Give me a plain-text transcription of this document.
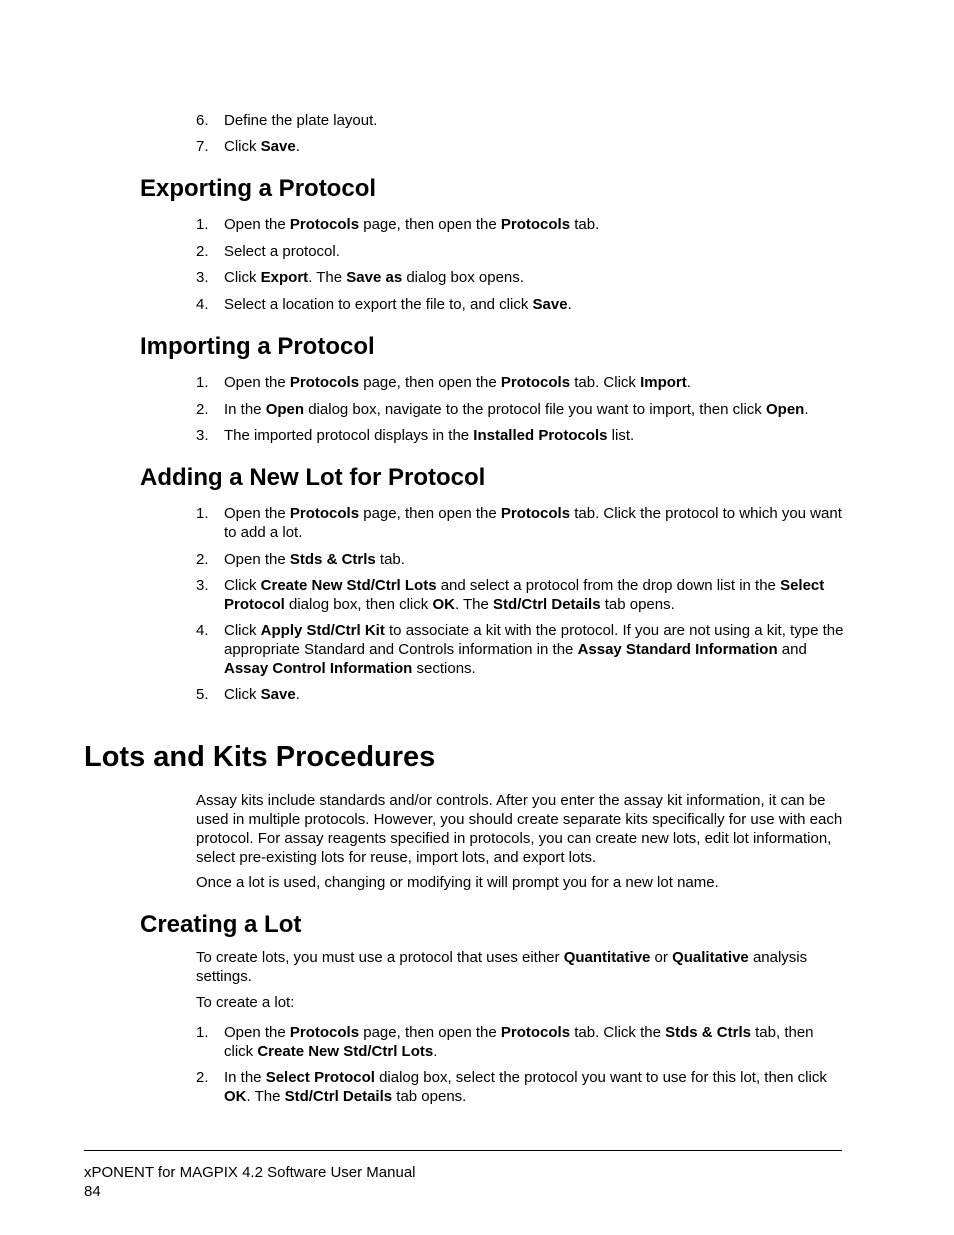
6. Define the plate layout.
7. Click Save.
Exporting a Protocol
1. Open the Protocols page, then open the Protocols tab.
2. Select a protocol.
3. Click Export. The Save as dialog box opens.
4. Select a location to export the file to, and click Save.
Importing a Protocol
1. Open the Protocols page, then open the Protocols tab. Click Import.
2. In the Open dialog box, navigate to the protocol file you want to import, then click Open.
3. The imported protocol displays in the Installed Protocols list.
Adding a New Lot for Protocol
1. Open the Protocols page, then open the Protocols tab. Click the protocol to which you want to add a lot.
2. Open the Stds & Ctrls tab.
3. Click Create New Std/Ctrl Lots and select a protocol from the drop down list in the Select Protocol dialog box, then click OK. The Std/Ctrl Details tab opens.
4. Click Apply Std/Ctrl Kit to associate a kit with the protocol. If you are not using a kit, type the appropriate Standard and Controls information in the Assay Standard Information and Assay Control Information sections.
5. Click Save.
Lots and Kits Procedures

Assay kits include standards and/or controls. After you enter the assay kit information, it can be used in multiple protocols. However, you should create separate kits specifically for use with each protocol. For assay reagents specified in protocols, you can create new lots, edit lot information, select pre-existing lots for reuse, import lots, and export lots.

Once a lot is used, changing or modifying it will prompt you for a new lot name.

Creating a Lot

To create lots, you must use a protocol that uses either Quantitative or Qualitative analysis settings.

To create a lot:

1. Open the Protocols page, then open the Protocols tab. Click the Stds & Ctrls tab, then click Create New Std/Ctrl Lots.
2. In the Select Protocol dialog box, select the protocol you want to use for this lot, then click OK. The Std/Ctrl Details tab opens.
xPONENT for MAGPIX 4.2 Software User Manual
84
